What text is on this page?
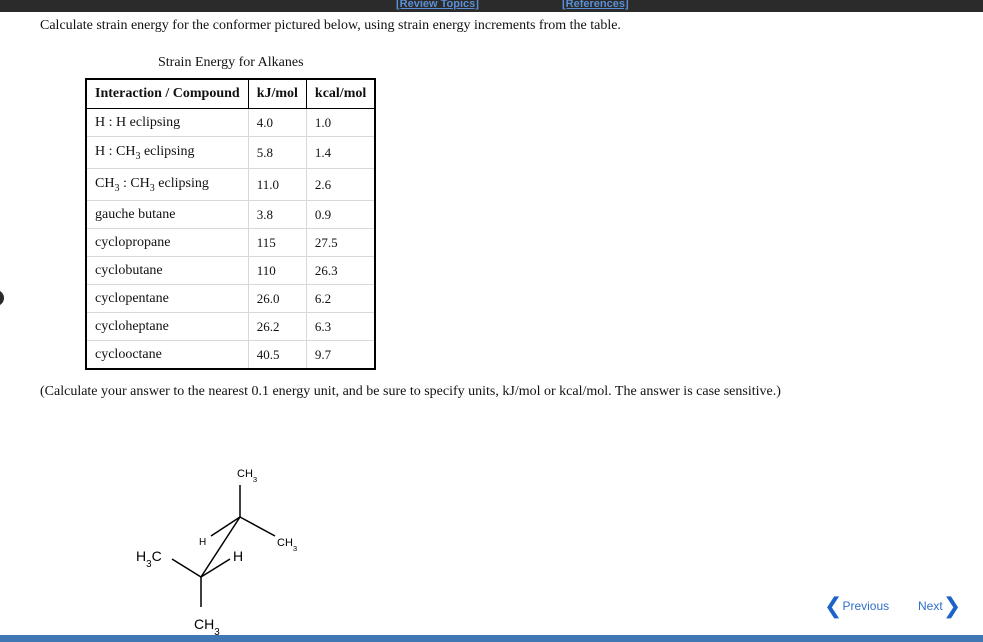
[Review Topics]	[References]
Calculate strain energy for the conformer pictured below, using strain energy increments from the table.
Strain Energy for Alkanes
Interaction / Compound	kJ/mol	kcal/mol
H : H eclipsing	4.0	1.0
H : $CH_3$ eclipsing	5.8	1.4
$CH_3$ : $CH_3$ eclipsing	11.0	2.6
gauche butane	3.8	0.9
cyclopropane	115	27.5
cyclobutane	110	26.3
cyclopentane	26.0	6.2
cycloheptane	26.2	6.3
cyclooctane	40.5	9.7
(Calculate your answer to the nearest 0.1 energy unit, and be sure to specify units, kJ/mol or kcal/mol. The answer is case sensitive.)
$CH_3$
H	$CH_3$
$H_3C$	H
$CH_3$
❮ Previous Next ❯
